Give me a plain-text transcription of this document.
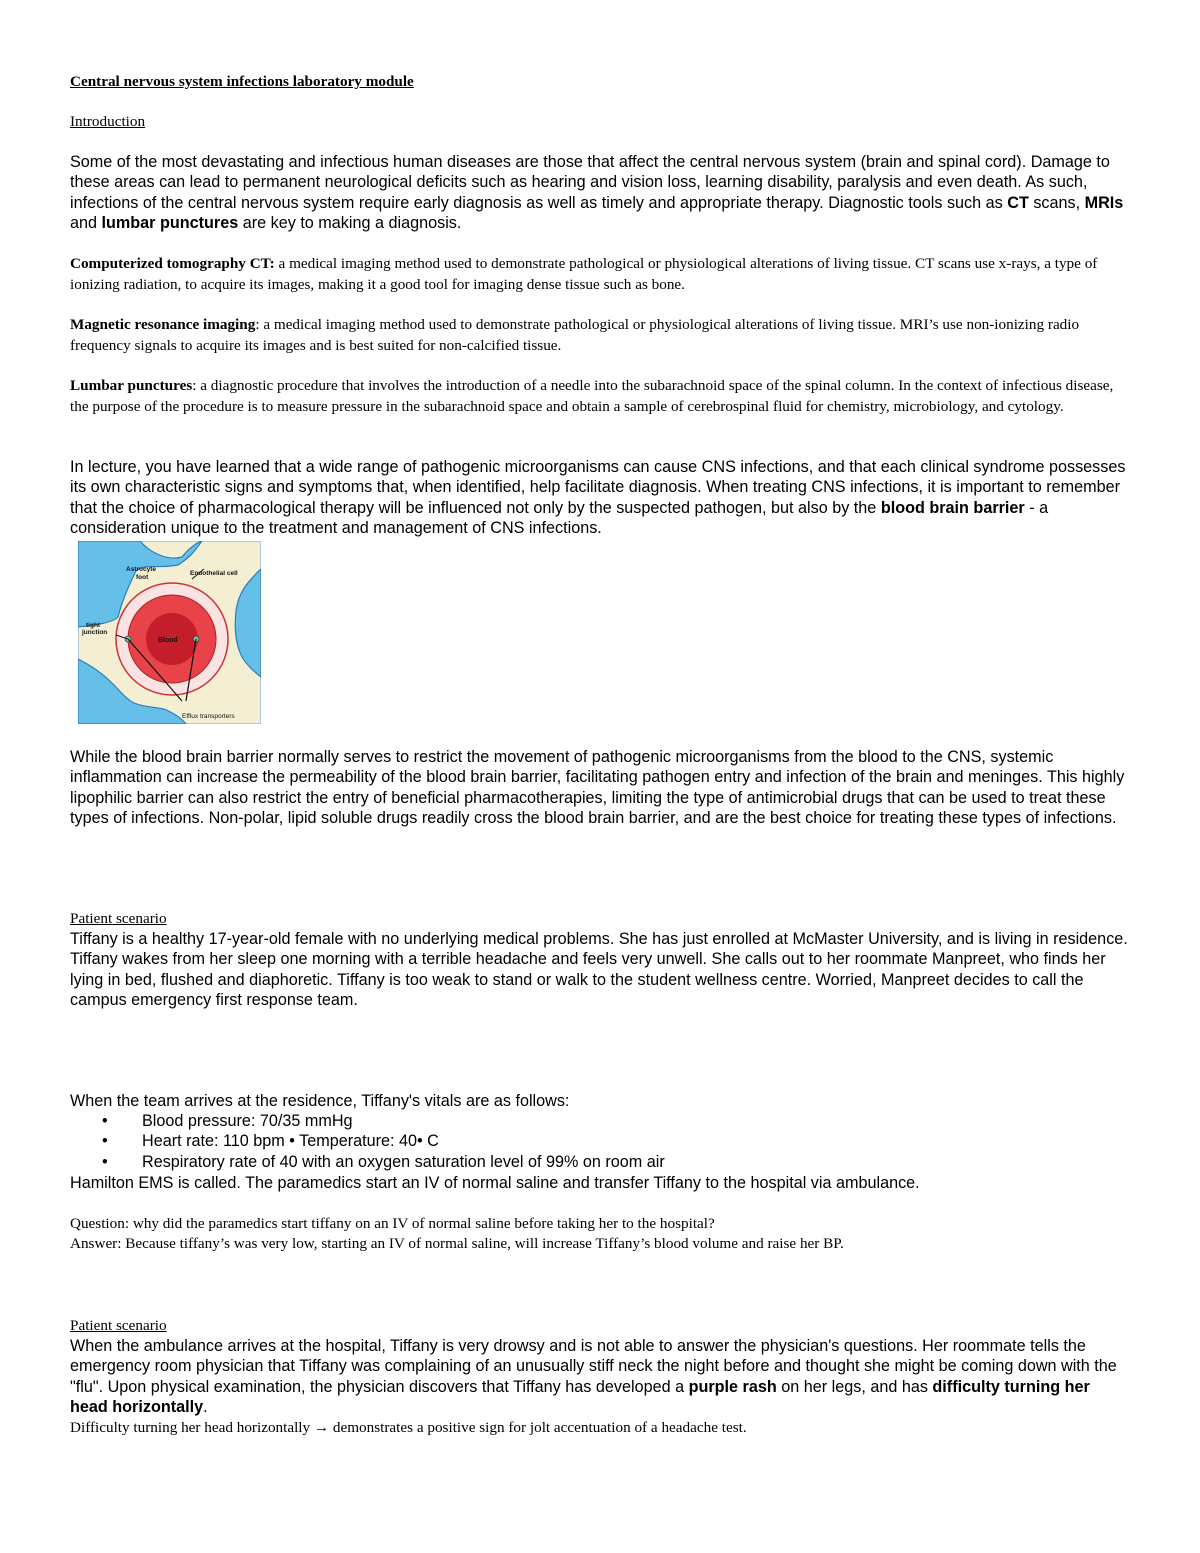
Central nervous system infections laboratory module
Introduction
Some of the most devastating and infectious human diseases are those that affect the central nervous system (brain and spinal cord). Damage to these areas can lead to permanent neurological deficits such as hearing and vision loss, learning disability, paralysis and even death. As such, infections of the central nervous system require early diagnosis as well as timely and appropriate therapy. Diagnostic tools such as CT scans, MRIs and lumbar punctures are key to making a diagnosis.
Computerized tomography CT: a medical imaging method used to demonstrate pathological or physiological alterations of living tissue. CT scans use x-rays, a type of ionizing radiation, to acquire its images, making it a good tool for imaging dense tissue such as bone.
Magnetic resonance imaging: a medical imaging method used to demonstrate pathological or physiological alterations of living tissue. MRI’s use non-ionizing radio frequency signals to acquire its images and is best suited for non-calcified tissue.
Lumbar punctures: a diagnostic procedure that involves the introduction of a needle into the subarachnoid space of the spinal column. In the context of infectious disease, the purpose of the procedure is to measure pressure in the subarachnoid space and obtain a sample of cerebrospinal fluid for chemistry, microbiology, and cytology.
In lecture, you have learned that a wide range of pathogenic microorganisms can cause CNS infections, and that each clinical syndrome possesses its own characteristic signs and symptoms that, when identified, help facilitate diagnosis. When treating CNS infections, it is important to remember that the choice of pharmacological therapy will be influenced not only by the suspected pathogen, but also by the blood brain barrier - a consideration unique to the treatment and management of CNS infections.
Astrocyte
foot
Endothelial cell
tight
junction
Blood
Efflux transporters
While the blood brain barrier normally serves to restrict the movement of pathogenic microorganisms from the blood to the CNS, systemic inflammation can increase the permeability of the blood brain barrier, facilitating pathogen entry and infection of the brain and meninges. This highly lipophilic barrier can also restrict the entry of beneficial pharmacotherapies, limiting the type of antimicrobial drugs that can be used to treat these types of infections. Non-polar, lipid soluble drugs readily cross the blood brain barrier, and are the best choice for treating these types of infections.
Patient scenario
Tiffany is a healthy 17-year-old female with no underlying medical problems. She has just enrolled at McMaster University, and is living in residence. Tiffany wakes from her sleep one morning with a terrible headache and feels very unwell. She calls out to her roommate Manpreet, who finds her lying in bed, flushed and diaphoretic. Tiffany is too weak to stand or walk to the student wellness centre. Worried, Manpreet decides to call the campus emergency first response team.
When the team arrives at the residence, Tiffany's vitals are as follows:
• Blood pressure: 70/35 mmHg
• Heart rate: 110 bpm • Temperature: 40• C
• Respiratory rate of 40 with an oxygen saturation level of 99% on room air
Hamilton EMS is called. The paramedics start an IV of normal saline and transfer Tiffany to the hospital via ambulance.
Question: why did the paramedics start tiffany on an IV of normal saline before taking her to the hospital?
Answer: Because tiffany’s was very low, starting an IV of normal saline, will increase Tiffany’s blood volume and raise her BP.
Patient scenario
When the ambulance arrives at the hospital, Tiffany is very drowsy and is not able to answer the physician's questions. Her roommate tells the emergency room physician that Tiffany was complaining of an unusually stiff neck the night before and thought she might be coming down with the "flu". Upon physical examination, the physician discovers that Tiffany has developed a purple rash on her legs, and has difficulty turning her head horizontally.
Difficulty turning her head horizontally → demonstrates a positive sign for jolt accentuation of a headache test.
